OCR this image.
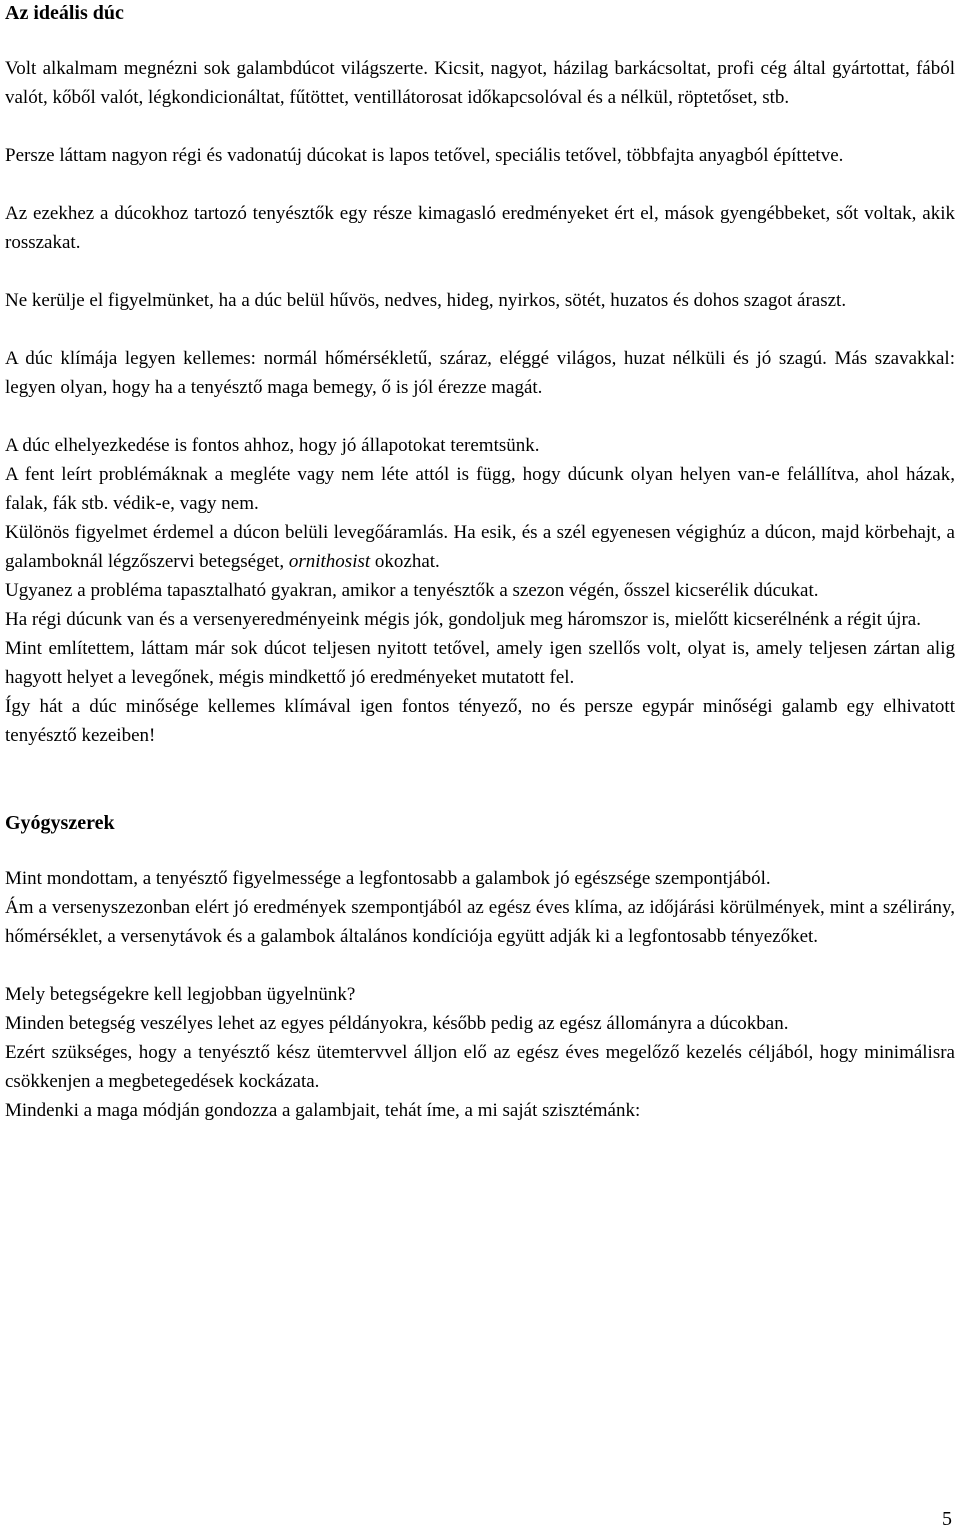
Az ideális dúc

Volt alkalmam megnézni sok galambdúcot világszerte. Kicsit, nagyot, házilag barkácsoltat, profi cég által gyártottat, fából valót, kőből valót, légkondicionáltat, fűtöttet, ventillátorosat időkapcsolóval és a nélkül, röptetőset, stb.

Persze láttam nagyon régi és vadonatúj dúcokat is lapos tetővel, speciális tetővel, többfajta anyagból építtetve.

Az ezekhez a dúcokhoz tartozó tenyésztők egy része kimagasló eredményeket ért el, mások gyengébbeket, sőt voltak, akik rosszakat.

Ne kerülje el figyelmünket, ha a dúc belül hűvös, nedves, hideg, nyirkos, sötét, huzatos és dohos szagot áraszt.

A dúc klímája legyen kellemes: normál hőmérsékletű, száraz, eléggé világos, huzat nélküli és jó szagú. Más szavakkal: legyen olyan, hogy ha a tenyésztő maga bemegy, ő is jól érezze magát.

A dúc elhelyezkedése is fontos ahhoz, hogy jó állapotokat teremtsünk.

A fent leírt problémáknak a megléte vagy nem léte attól is függ, hogy dúcunk olyan helyen van-e felállítva, ahol házak, falak, fák stb. védik-e, vagy nem.

Különös figyelmet érdemel a dúcon belüli levegőáramlás. Ha esik, és a szél egyenesen végighúz a dúcon, majd körbehajt, a galamboknál légzőszervi betegséget, ornithosist okozhat.

Ugyanez a probléma tapasztalható gyakran, amikor a tenyésztők a szezon végén, ősszel kicserélik dúcukat.

Ha régi dúcunk van és a versenyeredményeink mégis jók, gondoljuk meg háromszor is, mielőtt kicserélnénk a régit újra.

Mint említettem, láttam már sok dúcot teljesen nyitott tetővel, amely igen szellős volt, olyat is, amely teljesen zártan alig hagyott helyet a levegőnek, mégis mindkettő jó eredményeket mutatott fel.

Így hát a dúc minősége kellemes klímával igen fontos tényező, no és persze egypár minőségi galamb egy elhivatott tenyésztő kezeiben!

Gyógyszerek

Mint mondottam, a tenyésztő figyelmessége a legfontosabb a galambok jó egészsége szempontjából.

Ám a versenyszezonban elért jó eredmények szempontjából az egész éves klíma, az időjárási körülmények, mint a szélirány, hőmérséklet, a versenytávok és a galambok általános kondíciója együtt adják ki a legfontosabb tényezőket.

Mely betegségekre kell legjobban ügyelnünk?

Minden betegség veszélyes lehet az egyes példányokra, később pedig az egész állományra a dúcokban.

Ezért szükséges, hogy a tenyésztő kész ütemtervvel álljon elő az egész éves megelőző kezelés céljából, hogy minimálisra csökkenjen a megbetegedések kockázata.

Mindenki a maga módján gondozza a galambjait, tehát íme, a mi saját szisztémánk:

5
